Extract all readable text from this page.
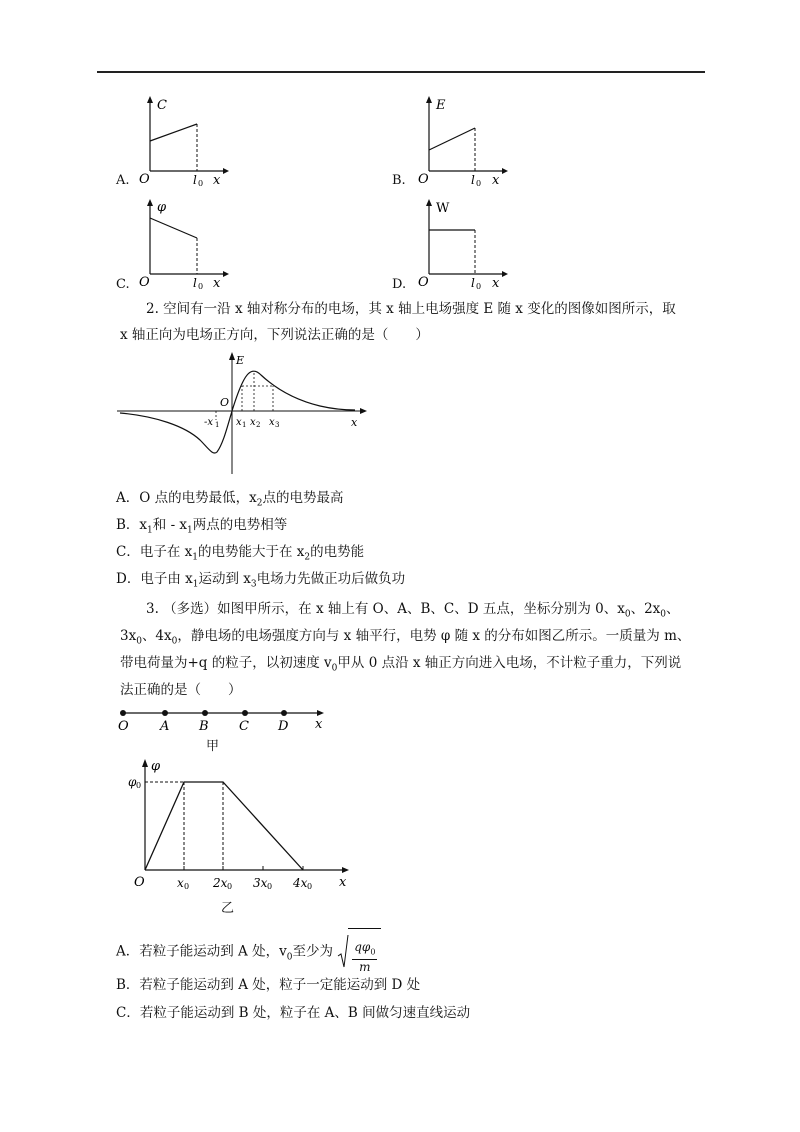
A.
C
O	l 0 x	B.
E
O	l 0 x
C.
φ
O	l 0 x	D.
W
O	l 0 x
2. 空间有一沿 x 轴对称分布的电场，其 x 轴上电场强度 E 随 x 变化的图像如图所示，取
x 轴正向为电场正方向，下列说法正确的是（　　）
E
O
x
-x 1 x 1 x 2 x 3
A．O 点的电势最低，$x_2$点的电势最高
B．$x_1$和 - $x_1$两点的电势相等
C．电子在 $x_1$的电势能大于在 $x_2$的电势能
D．电子由 $x_1$运动到 $x_3$电场力先做正功后做负功
3. （多选）如图甲所示，在 x 轴上有 O、A、B、C、D 五点，坐标分别为 0、$x_0$、$2x_0$、
$3x_0$、$4x_0$，静电场的电场强度方向与 x 轴平行，电势 φ 随 x 的分布如图乙所示。一质量为 m、
带电荷量为+q 的粒子，以初速度 $v_0$甲从 0 点沿 x 轴正方向进入电场，不计粒子重力，下列说
法正确的是（　　）
O A B C D x
甲
φ
φ 0
O	x 0 2x 0 3x 0 4x 0 x
乙
A．若粒子能运动到 A 处，$v_0$至少为 $\frac{q\varphi_0}{m}$
B．若粒子能运动到 A 处，粒子一定能运动到 D 处
C．若粒子能运动到 B 处，粒子在 A、B 间做匀速直线运动
